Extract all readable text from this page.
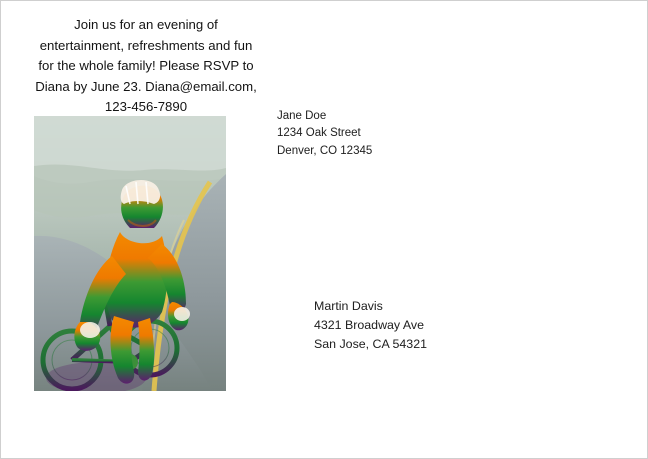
Join us for an evening of
entertainment, refreshments and fun
for the whole family! Please RSVP to
Diana by June 23. Diana@email.com,
123-456-7890
Jane Doe
1234 Oak Street
Denver, CO 12345
Martin Davis
4321 Broadway Ave
San Jose, CA 54321
